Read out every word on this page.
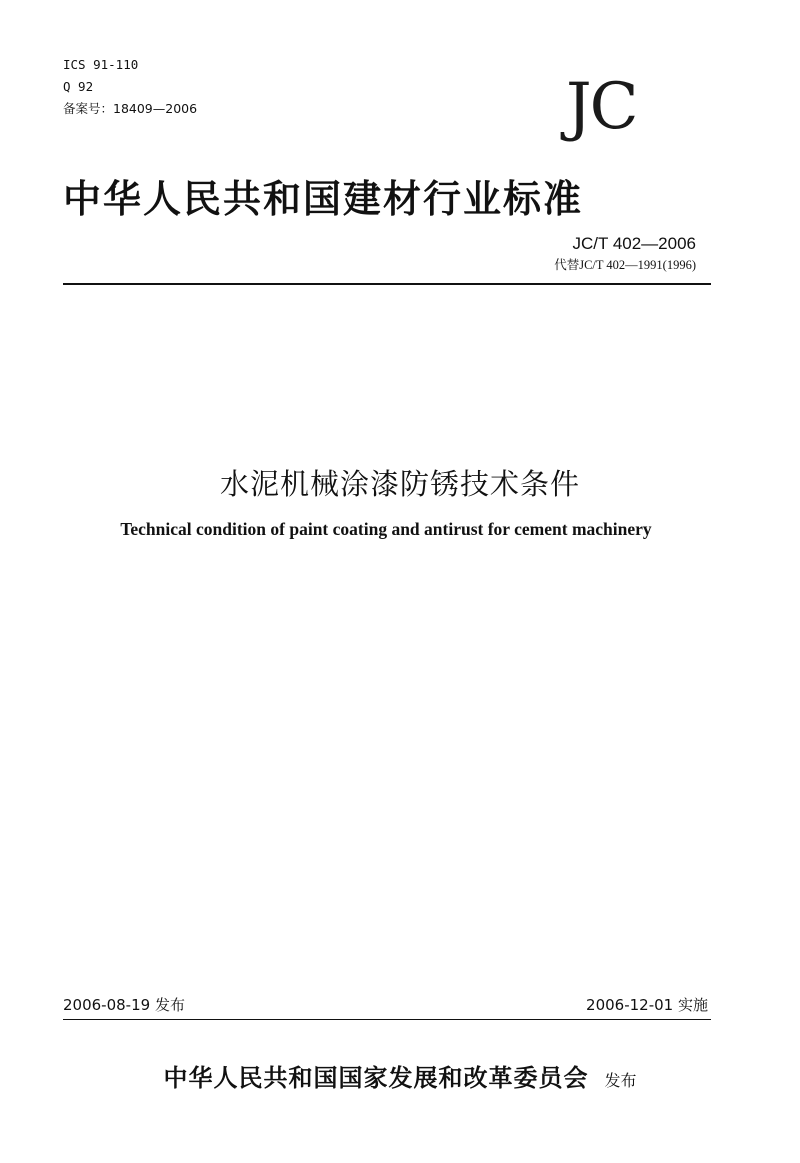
ICS 91-110
Q 92
备案号：18409—2006	JC
中华人民共和国建材行业标准
JC/T 402—2006
代替JC/T 402—1991(1996)
水泥机械涂漆防锈技术条件
Technical condition of paint coating and antirust for cement machinery
2006-08-19 发布	2006-12-01 实施
中华人民共和国国家发展和改革委员会 发布
